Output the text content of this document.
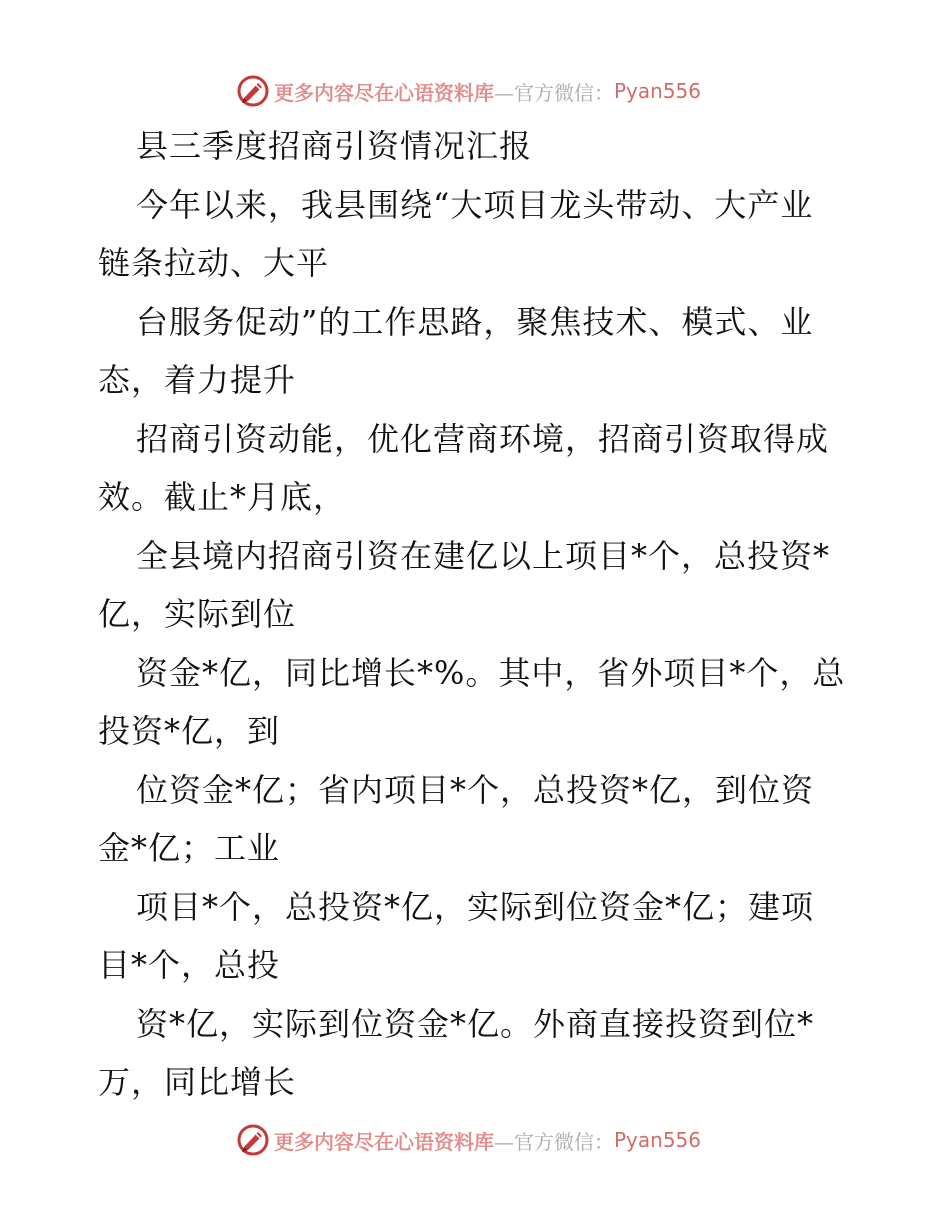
更多内容尽在心语资料库 —官方微信： Pyan556
县三季度招商引资情况汇报
今年以来，我县围绕“大项目龙头带动、大产业
链条拉动、大平
台服务促动”的工作思路，聚焦技术、模式、业
态，着力提升
招商引资动能，优化营商环境，招商引资取得成
效。截止*月底，
全县境内招商引资在建亿以上项目*个，总投资*
亿，实际到位
资金*亿，同比增长*%。其中，省外项目*个，总
投资*亿，到
位资金*亿；省内项目*个，总投资*亿，到位资
金*亿；工业
项目*个，总投资*亿，实际到位资金*亿；建项
目*个，总投
资*亿，实际到位资金*亿。外商直接投资到位*
万，同比增长
更多内容尽在心语资料库 —官方微信： Pyan556
